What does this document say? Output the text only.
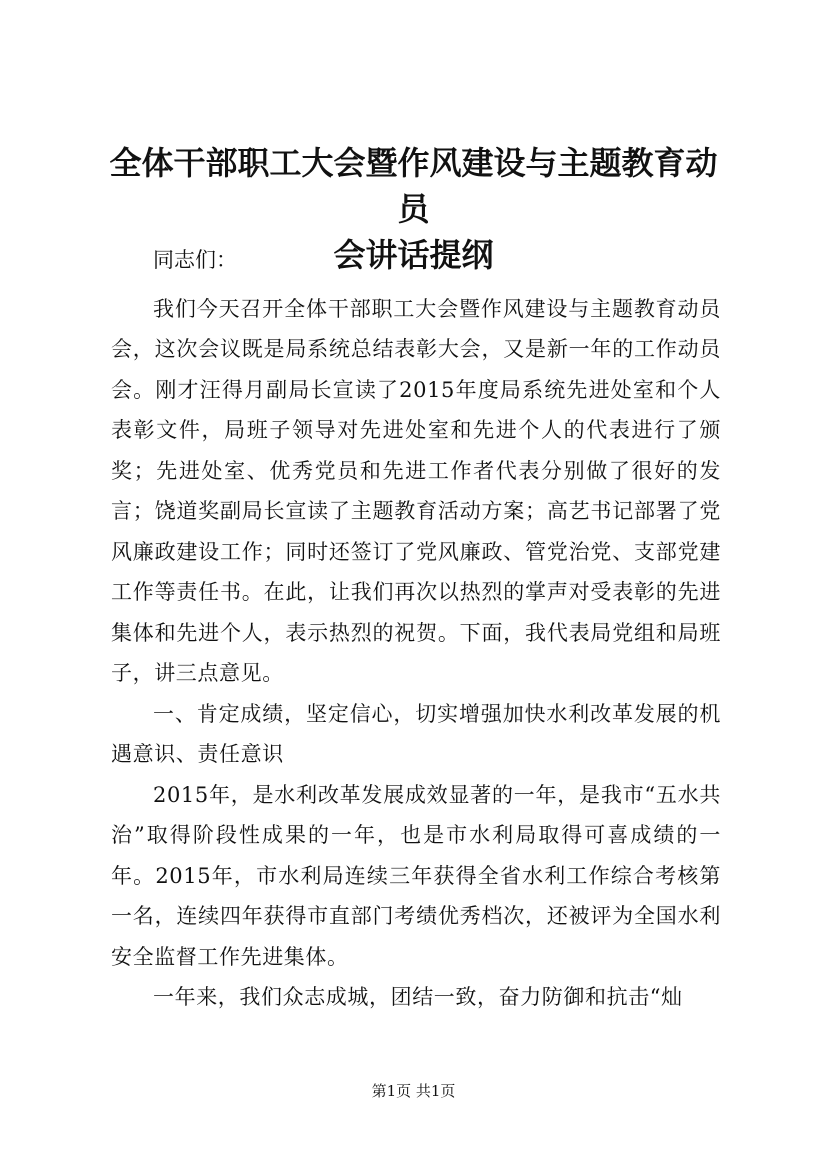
全体干部职工大会暨作风建设与主题教育动员
会讲话提纲

同志们：

我们今天召开全体干部职工大会暨作风建设与主题教育动员会，这次会议既是局系统总结表彰大会，又是新一年的工作动员会。刚才汪得月副局长宣读了2015年度局系统先进处室和个人表彰文件，局班子领导对先进处室和先进个人的代表进行了颁奖；先进处室、优秀党员和先进工作者代表分别做了很好的发言；饶道奖副局长宣读了主题教育活动方案；高艺书记部署了党风廉政建设工作；同时还签订了党风廉政、管党治党、支部党建工作等责任书。在此，让我们再次以热烈的掌声对受表彰的先进集体和先进个人，表示热烈的祝贺。下面，我代表局党组和局班子，讲三点意见。

一、肯定成绩，坚定信心，切实增强加快水利改革发展的机遇意识、责任意识

2015年，是水利改革发展成效显著的一年，是我市“五水共治”取得阶段性成果的一年，也是市水利局取得可喜成绩的一年。2015年，市水利局连续三年获得全省水利工作综合考核第一名，连续四年获得市直部门考绩优秀档次，还被评为全国水利安全监督工作先进集体。

一年来，我们众志成城，团结一致，奋力防御和抗击“灿

第1页 共1页
